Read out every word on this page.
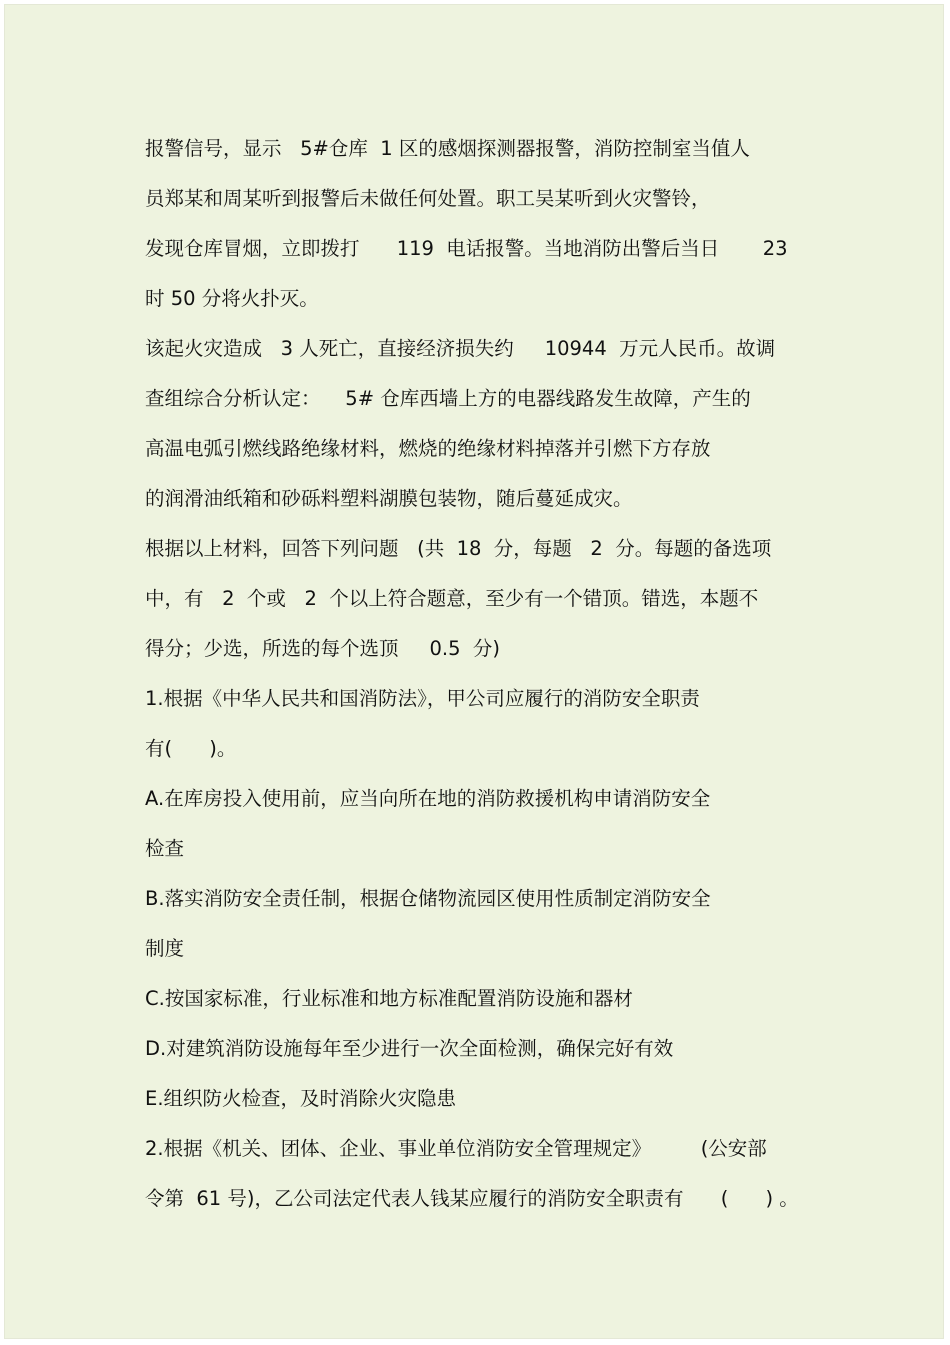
报警信号，显示   5#仓库  1 区的感烟探测器报警，消防控制室当值人
员郑某和周某听到报警后未做任何处置。职工吴某听到火灾警铃，
发现仓库冒烟，立即拨打      119  电话报警。当地消防出警后当日       23
时 50 分将火扑灭。
该起火灾造成   3 人死亡，直接经济损失约     10944  万元人民币。故调
查组综合分析认定：    5# 仓库西墙上方的电器线路发生故障，产生的
高温电弧引燃线路绝缘材料，燃烧的绝缘材料掉落并引燃下方存放
的润滑油纸箱和砂砾料塑料湖膜包装物，随后蔓延成灾。
根据以上材料，回答下列问题   (共  18  分，每题   2  分。每题的备选项
中，有   2  个或   2  个以上符合题意，至少有一个错顶。错选，本题不
得分；少选，所选的每个选顶     0.5  分)
1.根据《中华人民共和国消防法》，甲公司应履行的消防安全职责
有(      )。
A.在库房投入使用前，应当向所在地的消防救援机构申请消防安全
检查
B.落实消防安全责任制，根据仓储物流园区使用性质制定消防安全
制度
C.按国家标准，行业标准和地方标准配置消防设施和器材
D.对建筑消防设施每年至少进行一次全面检测，确保完好有效
E.组织防火检查，及时消除火灾隐患
2.根据《机关、团体、企业、事业单位消防安全管理规定》        (公安部
令第  61 号)，乙公司法定代表人钱某应履行的消防安全职责有      (      ) 。
